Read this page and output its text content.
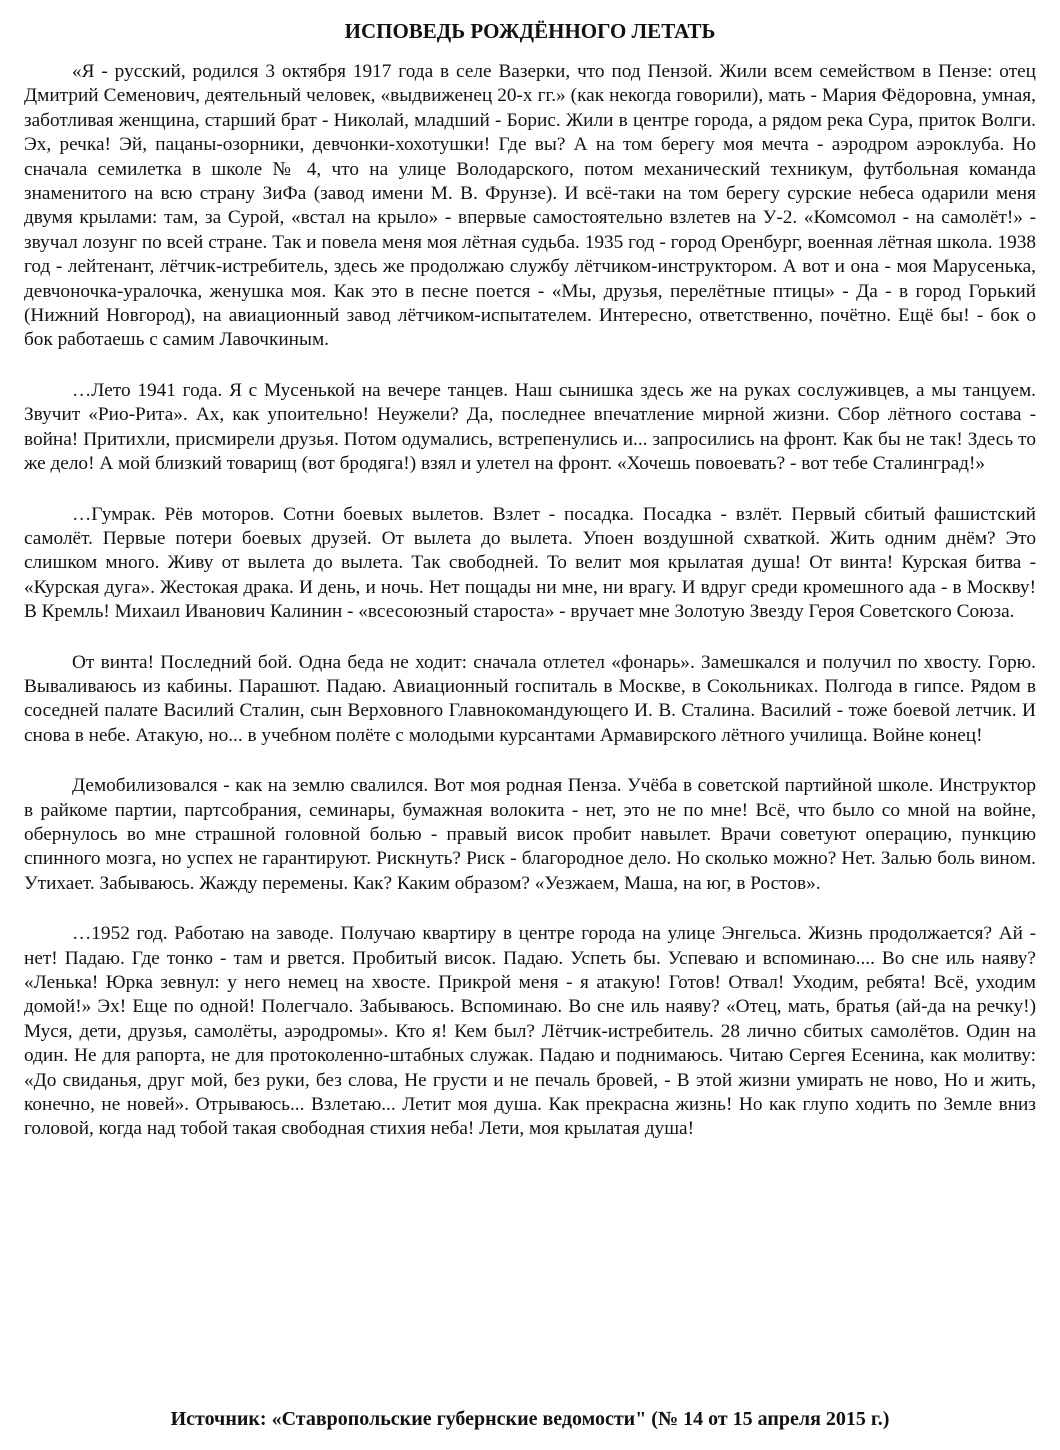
ИСПОВЕДЬ РОЖДЁННОГО ЛЕТАТЬ

«Я - русский, родился 3 октября 1917 года в селе Вазерки, что под Пензой. Жили всем семейством в Пензе: отец Дмитрий Семенович, деятельный человек, «выдвиженец 20-х гг.» (как некогда говорили), мать - Мария Фёдоровна, умная, заботливая женщина, старший брат - Николай, младший - Борис. Жили в центре города, а рядом река Сура, приток Волги. Эх, речка! Эй, пацаны-озорники, девчонки-хохотушки! Где вы? А на том берегу моя мечта - аэродром аэроклуба. Но сначала семилетка в школе № 4, что на улице Володарского, потом механический техникум, футбольная команда знаменитого на всю страну ЗиФа (завод имени М. В. Фрунзе). И всё-таки на том берегу сурские небеса одарили меня двумя крылами: там, за Сурой, «встал на крыло» - впервые самостоятельно взлетев на У-2. «Комсомол - на самолёт!» - звучал лозунг по всей стране. Так и повела меня моя лётная судьба. 1935 год - город Оренбург, военная лётная школа. 1938 год - лейтенант, лётчик-истребитель, здесь же продолжаю службу лётчиком-инструктором. А вот и она - моя Марусенька, девчоночка-уралочка, женушка моя. Как это в песне поется - «Мы, друзья, перелётные птицы» - Да - в город Горький (Нижний Новгород), на авиационный завод лётчиком-испытателем. Интересно, ответственно, почётно. Ещё бы! - бок о бок работаешь с самим Лавочкиным.

…Лето 1941 года. Я с Мусенькой на вечере танцев. Наш сынишка здесь же на руках сослуживцев, а мы танцуем. Звучит «Рио-Рита». Ах, как упоительно! Неужели? Да, последнее впечатление мирной жизни. Сбор лётного состава - война! Притихли, присмирели друзья. Потом одумались, встрепенулись и... запросились на фронт. Как бы не так! Здесь то же дело! А мой близкий товарищ (вот бродяга!) взял и улетел на фронт. «Хочешь повоевать? - вот тебе Сталинград!»

…Гумрак. Рёв моторов. Сотни боевых вылетов. Взлет - посадка. Посадка - взлёт. Первый сбитый фашистский самолёт. Первые потери боевых друзей. От вылета до вылета. Упоен воздушной схваткой. Жить одним днём? Это слишком много. Живу от вылета до вылета. Так свободней. То велит моя крылатая душа! От винта! Курская битва - «Курская дуга». Жестокая драка. И день, и ночь. Нет пощады ни мне, ни врагу. И вдруг среди кромешного ада - в Москву! В Кремль! Михаил Иванович Калинин - «всесоюзный староста» - вручает мне Золотую Звезду Героя Советского Союза.

От винта! Последний бой. Одна беда не ходит: сначала отлетел «фонарь». Замешкался и получил по хвосту. Горю. Вываливаюсь из кабины. Парашют. Падаю. Авиационный госпиталь в Москве, в Сокольниках. Полгода в гипсе. Рядом в соседней палате Василий Сталин, сын Верховного Главнокомандующего И. В. Сталина. Василий - тоже боевой летчик. И снова в небе. Атакую, но... в учебном полёте с молодыми курсантами Армавирского лётного училища. Войне конец!

Демобилизовался - как на землю свалился. Вот моя родная Пенза. Учёба в советской партийной школе. Инструктор в райкоме партии, партсобрания, семинары, бумажная волокита - нет, это не по мне! Всё, что было со мной на войне, обернулось во мне страшной головной болью - правый висок пробит навылет. Врачи советуют операцию, пункцию спинного мозга, но успех не гарантируют. Рискнуть? Риск - благородное дело. Но сколько можно? Нет. Залью боль вином. Утихает. Забываюсь. Жажду перемены. Как? Каким образом? «Уезжаем, Маша, на юг, в Ростов».

…1952 год. Работаю на заводе. Получаю квартиру в центре города на улице Энгельса. Жизнь продолжается? Ай - нет! Падаю. Где тонко - там и рвется. Пробитый висок. Падаю. Успеть бы. Успеваю и вспоминаю.... Во сне иль наяву? «Ленька! Юрка зевнул: у него немец на хвосте. Прикрой меня - я атакую! Готов! Отвал! Уходим, ребята! Всё, уходим домой!» Эх! Еще по одной! Полегчало. Забываюсь. Вспоминаю. Во сне иль наяву? «Отец, мать, братья (ай-да на речку!) Муся, дети, друзья, самолёты, аэродромы». Кто я! Кем был? Лётчик-истребитель. 28 лично сбитых самолётов. Один на один. Не для рапорта, не для протоколенно-штабных служак. Падаю и поднимаюсь. Читаю Сергея Есенина, как молитву: «До свиданья, друг мой, без руки, без слова, Не грусти и не печаль бровей, - В этой жизни умирать не ново, Но и жить, конечно, не новей». Отрываюсь... Взлетаю... Летит моя душа. Как прекрасна жизнь! Но как глупо ходить по Земле вниз головой, когда над тобой такая свободная стихия неба! Лети, моя крылатая душа!

Источник: «Ставропольские губернские ведомости" (№ 14 от 15 апреля 2015 г.)
